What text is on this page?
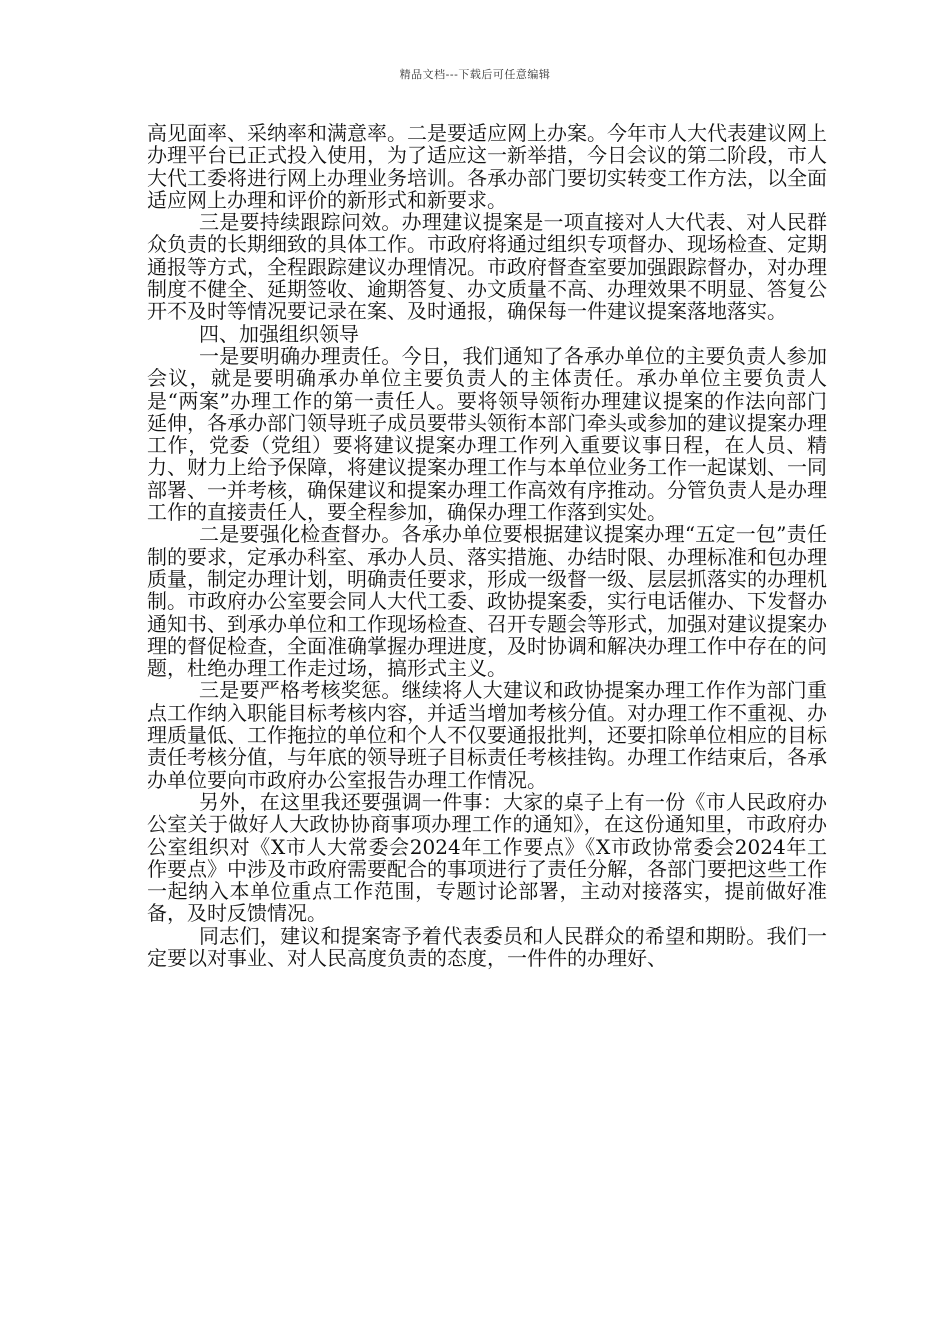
精品文档---下载后可任意编辑

高见面率、采纳率和满意率。二是要适应网上办案。今年市人大代表建议网上办理平台已正式投入使用，为了适应这一新举措，今日会议的第二阶段，市人大代工委将进行网上办理业务培训。各承办部门要切实转变工作方法，以全面适应网上办理和评价的新形式和新要求。

三是要持续跟踪问效。办理建议提案是一项直接对人大代表、对人民群众负责的长期细致的具体工作。市政府将通过组织专项督办、现场检查、定期通报等方式，全程跟踪建议办理情况。市政府督查室要加强跟踪督办，对办理制度不健全、延期签收、逾期答复、办文质量不高、办理效果不明显、答复公开不及时等情况要记录在案、及时通报，确保每一件建议提案落地落实。

四、加强组织领导

一是要明确办理责任。今日，我们通知了各承办单位的主要负责人参加会议，就是要明确承办单位主要负责人的主体责任。承办单位主要负责人是“两案”办理工作的第一责任人。要将领导领衔办理建议提案的作法向部门延伸，各承办部门领导班子成员要带头领衔本部门牵头或参加的建议提案办理工作，党委（党组）要将建议提案办理工作列入重要议事日程，在人员、精力、财力上给予保障，将建议提案办理工作与本单位业务工作一起谋划、一同部署、一并考核，确保建议和提案办理工作高效有序推动。分管负责人是办理工作的直接责任人，要全程参加，确保办理工作落到实处。

二是要强化检查督办。各承办单位要根据建议提案办理“五定一包”责任制的要求，定承办科室、承办人员、落实措施、办结时限、办理标准和包办理质量，制定办理计划，明确责任要求，形成一级督一级、层层抓落实的办理机制。市政府办公室要会同人大代工委、政协提案委，实行电话催办、下发督办通知书、到承办单位和工作现场检查、召开专题会等形式，加强对建议提案办理的督促检查，全面准确掌握办理进度，及时协调和解决办理工作中存在的问题，杜绝办理工作走过场，搞形式主义。

三是要严格考核奖惩。继续将人大建议和政协提案办理工作作为部门重点工作纳入职能目标考核内容，并适当增加考核分值。对办理工作不重视、办理质量低、工作拖拉的单位和个人不仅要通报批判，还要扣除单位相应的目标责任考核分值，与年底的领导班子目标责任考核挂钩。办理工作结束后，各承办单位要向市政府办公室报告办理工作情况。

另外，在这里我还要强调一件事：大家的桌子上有一份《市人民政府办公室关于做好人大政协协商事项办理工作的通知》，在这份通知里，市政府办公室组织对《X市人大常委会2024年工作要点》《X市政协常委会2024年工作要点》中涉及市政府需要配合的事项进行了责任分解，各部门要把这些工作一起纳入本单位重点工作范围，专题讨论部署，主动对接落实，提前做好准备，及时反馈情况。

同志们，建议和提案寄予着代表委员和人民群众的希望和期盼。我们一定要以对事业、对人民高度负责的态度，一件件的办理好、
